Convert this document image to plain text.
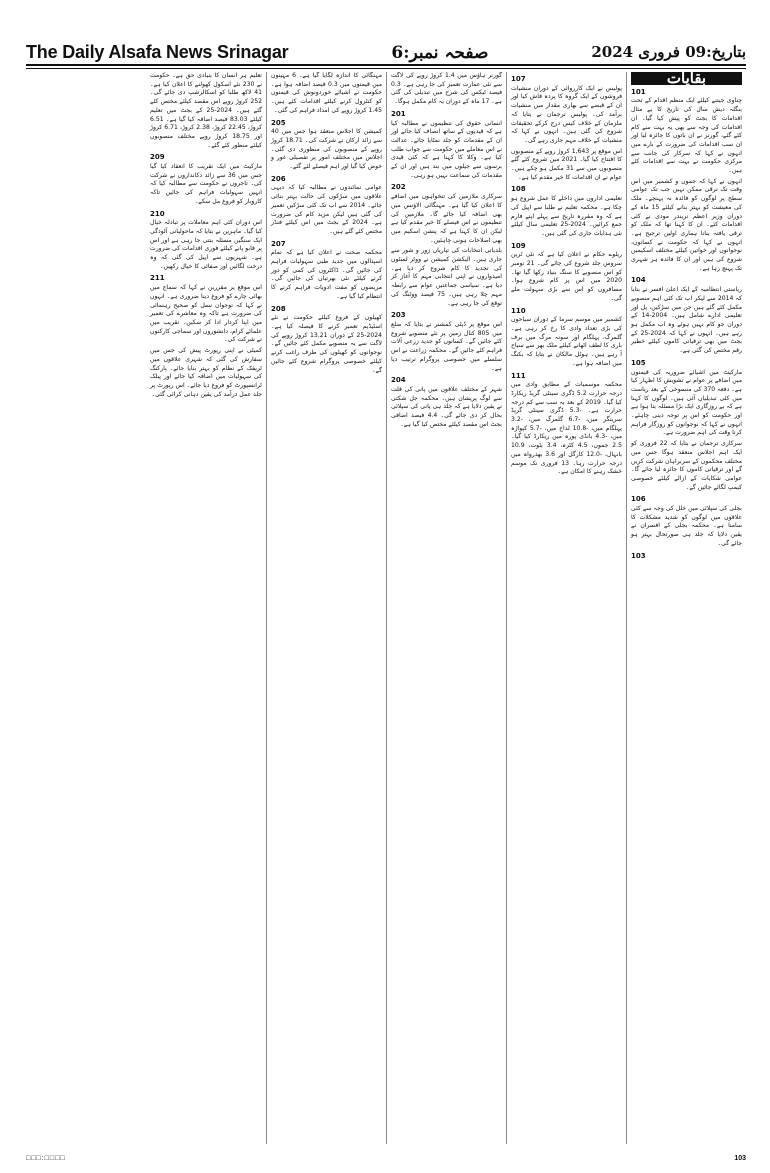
The Daily Alsafa News Srinagar	صفحہ نمبر:6	بتاریخ:09 فروری 2024
بقایات
101

چناوی جیتنے کیلئے ایک منظم اقدام کے تحت بنگلہ دیش سال کی تاریخ کا بے مثال اقدامات کا بجٹ کو پیش کیا گیا۔ ان اقدامات کی وجہ سے بھی یہ بہت سے کام کئے گئے، گورنر نے ان باتوں کا جائزہ لیا اور ان سب اقدامات کی ضرورت کے بارے میں انہوں نے کہا کہ سرکار کی جانب سے مرکزی حکومت نے بہت سے اقدامات کئے ہیں۔

انہوں نے کہا کہ جموں و کشمیر میں اس وقت تک ترقی ممکن نہیں جب تک عوامی سطح پر لوگوں کو فائدہ نہ پہنچے۔ ملک کی معیشت کو بہتر بنانے کیلئے 15 ماہ کے دوران وزیر اعظم نریندر مودی نے کئی اقدامات کئے۔ ان کا کہنا تھا کہ ملک کو ترقی یافتہ بنانا ہماری اولین ترجیح ہے۔ انہوں نے کہا کہ حکومت نے کسانوں، نوجوانوں اور خواتین کیلئے مختلف اسکیمیں شروع کی ہیں اور ان کا فائدہ ہر شہری تک پہنچ رہا ہے۔

104

ریاستی انتظامیہ کے ایک اعلیٰ افسر نے بتایا کہ 2014 سے لیکر اب تک کئی اہم منصوبے مکمل کئے گئے ہیں جن میں سڑکیں، پل اور تعلیمی ادارے شامل ہیں۔ 2004-14 کے دوران جو کام نہیں ہوئے وہ اب مکمل ہو رہے ہیں۔ انہوں نے کہا کہ 2024-25 کے بجٹ میں بھی ترقیاتی کاموں کیلئے خطیر رقم مختص کی گئی ہے۔

105

مارکیٹ میں اشیائے ضروریہ کی قیمتوں میں اضافے پر عوام نے تشویش کا اظہار کیا ہے۔ دفعہ 370 کی منسوخی کے بعد ریاست میں کئی تبدیلیاں آئی ہیں۔ لوگوں کا کہنا ہے کہ بے روزگاری ایک بڑا مسئلہ بنا ہوا ہے اور حکومت کو اس پر توجہ دینی چاہئے۔ انہوں نے کہا کہ نوجوانوں کو روزگار فراہم کرنا وقت کی اہم ضرورت ہے۔

سرکاری ترجمان نے بتایا کہ 22 فروری کو ایک اہم اجلاس منعقد ہوگا جس میں مختلف محکموں کے سربراہان شرکت کریں گے اور ترقیاتی کاموں کا جائزہ لیا جائے گا۔ عوامی شکایات کے ازالے کیلئے خصوصی کیمپ لگائے جائیں گے۔

106

بجلی کی سپلائی میں خلل کی وجہ سے کئی علاقوں میں لوگوں کو شدید مشکلات کا سامنا ہے۔ محکمہ بجلی کے افسران نے یقین دلایا کہ جلد ہی صورتحال بہتر ہو جائے گی۔

103
107

پولیس نے ایک کارروائی کے دوران منشیات فروشوں کے ایک گروہ کا پردہ فاش کیا اور ان کے قبضے سے بھاری مقدار میں منشیات برآمد کی۔ پولیس ترجمان نے بتایا کہ ملزمان کے خلاف کیس درج کرکے تحقیقات شروع کی گئی ہیں۔ انہوں نے کہا کہ منشیات کے خلاف مہم جاری رہے گی۔

اس موقع پر 1,643 کروڑ روپے کے منصوبوں کا افتتاح کیا گیا۔ 2021 میں شروع کئے گئے منصوبوں میں سے 31 مکمل ہو چکے ہیں۔ عوام نے ان اقدامات کا خیر مقدم کیا ہے۔

108

تعلیمی اداروں میں داخلے کا عمل شروع ہو چکا ہے۔ محکمہ تعلیم نے طلبا سے اپیل کی ہے کہ وہ مقررہ تاریخ سے پہلے اپنے فارم جمع کرائیں۔ 2024-25 تعلیمی سال کیلئے نئی ہدایات جاری کی گئی ہیں۔

109

ریلوے حکام نے اعلان کیا ہے کہ نئی ٹرین سروس جلد شروع کی جائے گی۔ 21 نومبر کو اس منصوبے کا سنگ بنیاد رکھا گیا تھا۔ 2020 میں اس پر کام شروع ہوا۔ مسافروں کو اس سے بڑی سہولت ملے گی۔

110

کشمیر میں موسم سرما کے دوران سیاحوں کی بڑی تعداد وادی کا رخ کر رہی ہے۔ گلمرگ، پہلگام اور سونہ مرگ میں برف باری کا لطف اٹھانے کیلئے ملک بھر سے سیاح آ رہے ہیں۔ ہوٹل مالکان نے بتایا کہ بکنگ میں اضافہ ہوا ہے۔

111

محکمہ موسمیات کے مطابق وادی میں درجہ حرارت 5.2 ڈگری سینٹی گریڈ ریکارڈ کیا گیا۔ 2019 کے بعد یہ سب سے کم درجہ حرارت ہے۔ -5.3 ڈگری سینٹی گریڈ سرینگر میں، -6.7 گلمرگ میں، -3.2 پہلگام میں، -10.8 لداخ میں، -5.7 کپواڑہ میں، -4.3 بانڈی پورہ میں ریکارڈ کیا گیا۔ 2.5 جموں، 4.5 کٹرہ، 3.4 بٹوت، 10.9 بانہال، -12.0 کارگل اور 3.6 بھدرواہ میں درجہ حرارت رہا۔ 13 فروری تک موسم خشک رہنے کا امکان ہے۔

گورنر ہاؤس میں 1.4 کروڑ روپے کی لاگت سے نئی عمارت تعمیر کی جا رہی ہے۔ 0.3 فیصد ٹیکس کی شرح میں تبدیلی کی گئی ہے۔ 17 ماہ کے دوران یہ کام مکمل ہوگا۔

201

انسانی حقوق کی تنظیموں نے مطالبہ کیا ہے کہ قیدیوں کے ساتھ انصاف کیا جائے اور ان کے مقدمات کو جلد نمٹایا جائے۔ عدالت نے اس معاملے میں حکومت سے جواب طلب کیا ہے۔ وکلا کا کہنا ہے کہ کئی قیدی برسوں سے جیلوں میں بند ہیں اور ان کے مقدمات کی سماعت نہیں ہو رہی۔

202

سرکاری ملازمین کی تنخواہوں میں اضافے کا اعلان کیا گیا ہے۔ مہنگائی الاؤنس میں بھی اضافہ کیا جائے گا۔ ملازمین کی تنظیموں نے اس فیصلے کا خیر مقدم کیا ہے لیکن ان کا کہنا ہے کہ پنشن اسکیم میں بھی اصلاحات ہونی چاہئیں۔

بلدیاتی انتخابات کی تیاریاں زور و شور سے جاری ہیں۔ الیکشن کمیشن نے ووٹر لسٹوں کی تجدید کا کام شروع کر دیا ہے۔ امیدواروں نے اپنی انتخابی مہم کا آغاز کر دیا ہے۔ سیاسی جماعتیں عوام سے رابطہ مہم چلا رہی ہیں۔ 75 فیصد ووٹنگ کی توقع کی جا رہی ہے۔

203

اس موقع پر ڈپٹی کمشنر نے بتایا کہ ضلع میں 805 کنال زمین پر نئے منصوبے شروع کئے جائیں گے۔ کسانوں کو جدید زرعی آلات فراہم کئے جائیں گے۔ محکمہ زراعت نے اس سلسلے میں خصوصی پروگرام ترتیب دیا ہے۔

204

شہر کے مختلف علاقوں میں پانی کی قلت سے لوگ پریشان ہیں۔ محکمہ جل شکتی نے یقین دلایا ہے کہ جلد ہی پانی کی سپلائی بحال کر دی جائے گی۔ 4.4 فیصد اضافی بجٹ اس مقصد کیلئے مختص کیا گیا ہے۔

مہنگائی کا اندازہ لگایا گیا ہے۔ 6 مہینوں میں قیمتوں میں 0.3 فیصد اضافہ ہوا ہے۔ حکومت نے اشیائے خوردونوش کی قیمتوں کو کنٹرول کرنے کیلئے اقدامات کئے ہیں۔ 1.45 کروڑ روپے کی امداد فراہم کی گئی۔

205

کمیشن کا اجلاس منعقد ہوا جس میں 40 سے زائد ارکان نے شرکت کی۔ 18.71 کروڑ روپے کے منصوبوں کی منظوری دی گئی۔ اجلاس میں مختلف امور پر تفصیلی غور و خوض کیا گیا اور اہم فیصلے لئے گئے۔

206

عوامی نمائندوں نے مطالبہ کیا کہ دیہی علاقوں میں سڑکوں کی حالت بہتر بنائی جائے۔ 2014 سے اب تک کئی سڑکیں تعمیر کی گئی ہیں لیکن مزید کام کی ضرورت ہے۔ 2024 کے بجٹ میں اس کیلئے فنڈز مختص کئے گئے ہیں۔

207

محکمہ صحت نے اعلان کیا ہے کہ تمام اسپتالوں میں جدید طبی سہولیات فراہم کی جائیں گی۔ ڈاکٹروں کی کمی کو دور کرنے کیلئے نئی بھرتیاں کی جائیں گی۔ مریضوں کو مفت ادویات فراہم کرنے کا انتظام کیا گیا ہے۔

208

کھیلوں کے فروغ کیلئے حکومت نے نئے اسٹیڈیم تعمیر کرنے کا فیصلہ کیا ہے۔ 2024-25 کے دوران 13.21 کروڑ روپے کی لاگت سے یہ منصوبے مکمل کئے جائیں گے۔ نوجوانوں کو کھیلوں کی طرف راغب کرنے کیلئے خصوصی پروگرام شروع کئے جائیں گے۔

تعلیم ہر انسان کا بنیادی حق ہے۔ حکومت نے 230 نئے اسکول کھولنے کا اعلان کیا ہے۔ 41 لاکھ طلبا کو اسکالرشپ دی جائے گی۔ 252 کروڑ روپے اس مقصد کیلئے مختص کئے گئے ہیں۔ 2024-25 کے بجٹ میں تعلیم کیلئے 83.03 فیصد اضافہ کیا گیا ہے۔ 6.51 کروڑ، 22.45 کروڑ، 2.38 کروڑ، 6.71 کروڑ اور 18.75 کروڑ روپے مختلف منصوبوں کیلئے منظور کئے گئے۔

209

مارکیٹ میں ایک تقریب کا انعقاد کیا گیا جس میں 36 سے زائد دکانداروں نے شرکت کی۔ تاجروں نے حکومت سے مطالبہ کیا کہ انہیں سہولیات فراہم کی جائیں تاکہ کاروبار کو فروغ مل سکے۔

210

اس دوران کئی اہم معاملات پر تبادلہ خیال کیا گیا۔ ماہرین نے بتایا کہ ماحولیاتی آلودگی ایک سنگین مسئلہ بنتی جا رہی ہے اور اس پر قابو پانے کیلئے فوری اقدامات کی ضرورت ہے۔ شہریوں سے اپیل کی گئی کہ وہ درخت لگائیں اور صفائی کا خیال رکھیں۔

211

اس موقع پر مقررین نے کہا کہ سماج میں بھائی چارے کو فروغ دینا ضروری ہے۔ انہوں نے کہا کہ نوجوان نسل کو صحیح رہنمائی کی ضرورت ہے تاکہ وہ معاشرے کی تعمیر میں اپنا کردار ادا کر سکیں۔ تقریب میں علمائے کرام، دانشوروں اور سماجی کارکنوں نے شرکت کی۔

کمیٹی نے اپنی رپورٹ پیش کی جس میں سفارش کی گئی کہ شہری علاقوں میں ٹریفک کے نظام کو بہتر بنایا جائے۔ پارکنگ کی سہولیات میں اضافہ کیا جائے اور پبلک ٹرانسپورٹ کو فروغ دیا جائے۔ اس رپورٹ پر جلد عمل درآمد کی یقین دہانی کرائی گئی۔

□□□:□□□□	103
